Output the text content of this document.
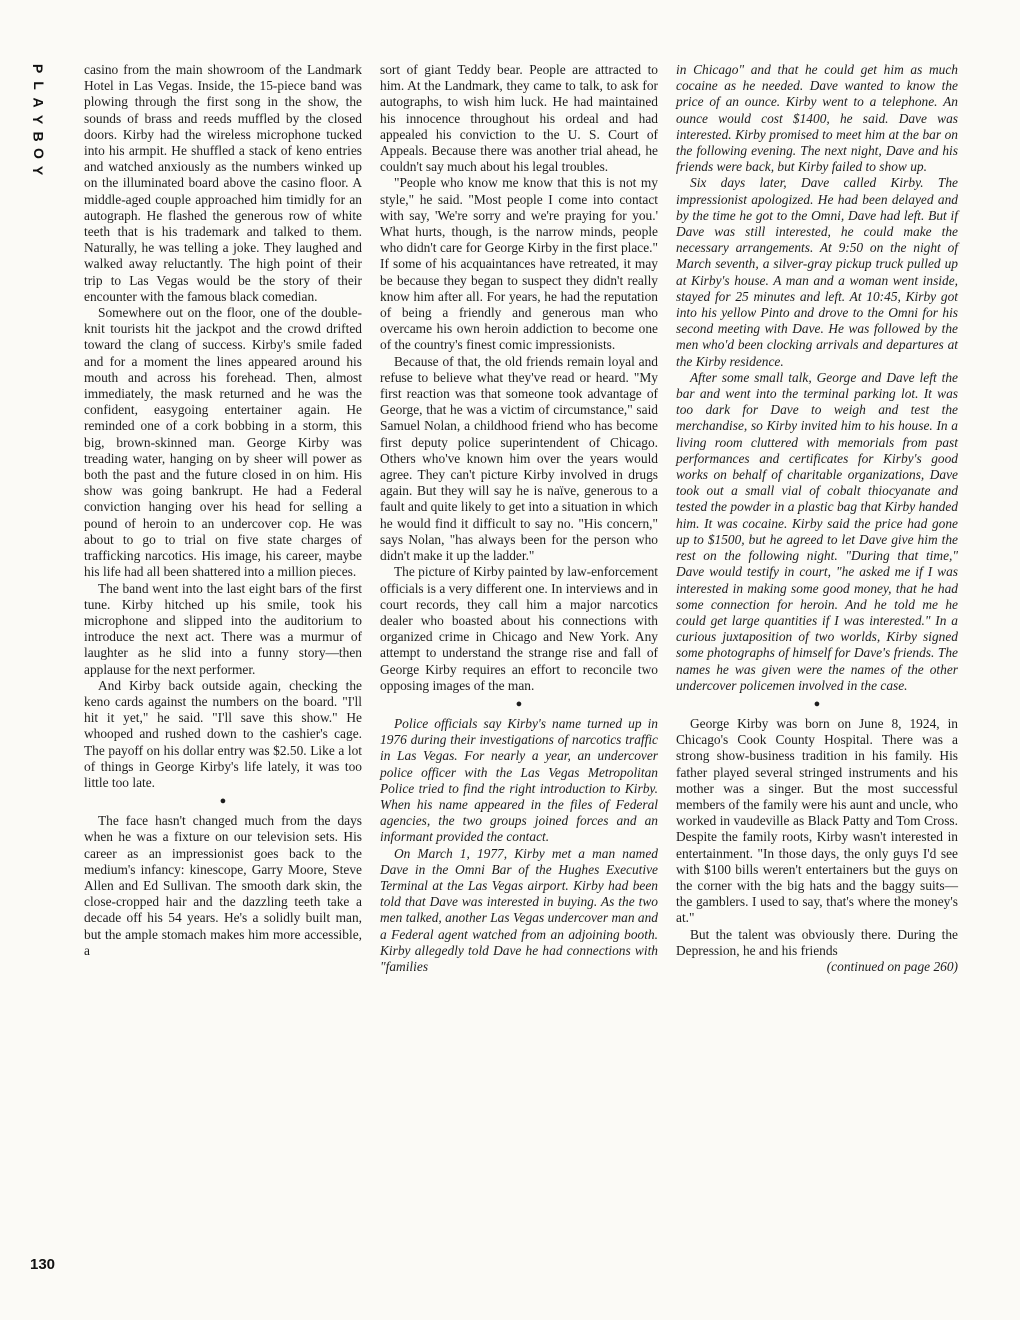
P
L
A
Y
B
O
Y

casino from the main showroom of the Landmark Hotel in Las Vegas. Inside, the 15-piece band was plowing through the first song in the show, the sounds of brass and reeds muffled by the closed doors. Kirby had the wireless microphone tucked into his armpit. He shuffled a stack of keno entries and watched anxiously as the numbers winked up on the illuminated board above the casino floor. A middle-aged couple approached him timidly for an autograph. He flashed the generous row of white teeth that is his trademark and talked to them. Naturally, he was telling a joke. They laughed and walked away reluctantly. The high point of their trip to Las Vegas would be the story of their encounter with the famous black comedian.

Somewhere out on the floor, one of the double-knit tourists hit the jackpot and the crowd drifted toward the clang of success. Kirby's smile faded and for a moment the lines appeared around his mouth and across his forehead. Then, almost immediately, the mask returned and he was the confident, easygoing entertainer again. He reminded one of a cork bobbing in a storm, this big, brown-skinned man. George Kirby was treading water, hanging on by sheer will power as both the past and the future closed in on him. His show was going bankrupt. He had a Federal conviction hanging over his head for selling a pound of heroin to an undercover cop. He was about to go to trial on five state charges of trafficking narcotics. His image, his career, maybe his life had all been shattered into a million pieces.

The band went into the last eight bars of the first tune. Kirby hitched up his smile, took his microphone and slipped into the auditorium to introduce the next act. There was a murmur of laughter as he slid into a funny story—then applause for the next performer.

And Kirby back outside again, checking the keno cards against the numbers on the board. "I'll hit it yet," he said. "I'll save this show." He whooped and rushed down to the cashier's cage. The payoff on his dollar entry was $2.50. Like a lot of things in George Kirby's life lately, it was too little too late.

●

The face hasn't changed much from the days when he was a fixture on our television sets. His career as an impressionist goes back to the medium's infancy: kinescope, Garry Moore, Steve Allen and Ed Sullivan. The smooth dark skin, the close-cropped hair and the dazzling teeth take a decade off his 54 years. He's a solidly built man, but the ample stomach makes him more accessible, a

sort of giant Teddy bear. People are attracted to him. At the Landmark, they came to talk, to ask for autographs, to wish him luck. He had maintained his innocence throughout his ordeal and had appealed his conviction to the U. S. Court of Appeals. Because there was another trial ahead, he couldn't say much about his legal troubles.

"People who know me know that this is not my style," he said. "Most people I come into contact with say, 'We're sorry and we're praying for you.' What hurts, though, is the narrow minds, people who didn't care for George Kirby in the first place." If some of his acquaintances have retreated, it may be because they began to suspect they didn't really know him after all. For years, he had the reputation of being a friendly and generous man who overcame his own heroin addiction to become one of the country's finest comic impressionists.

Because of that, the old friends remain loyal and refuse to believe what they've read or heard. "My first reaction was that someone took advantage of George, that he was a victim of circumstance," said Samuel Nolan, a childhood friend who has become first deputy police superintendent of Chicago. Others who've known him over the years would agree. They can't picture Kirby involved in drugs again. But they will say he is naïve, generous to a fault and quite likely to get into a situation in which he would find it difficult to say no. "His concern," says Nolan, "has always been for the person who didn't make it up the ladder."

The picture of Kirby painted by law-enforcement officials is a very different one. In interviews and in court records, they call him a major narcotics dealer who boasted about his connections with organized crime in Chicago and New York. Any attempt to understand the strange rise and fall of George Kirby requires an effort to reconcile two opposing images of the man.

●

Police officials say Kirby's name turned up in 1976 during their investigations of narcotics traffic in Las Vegas. For nearly a year, an undercover police officer with the Las Vegas Metropolitan Police tried to find the right introduction to Kirby. When his name appeared in the files of Federal agencies, the two groups joined forces and an informant provided the contact.

On March 1, 1977, Kirby met a man named Dave in the Omni Bar of the Hughes Executive Terminal at the Las Vegas airport. Kirby had been told that Dave was interested in buying. As the two men talked, another Las Vegas undercover man and a Federal agent watched from an adjoining booth. Kirby allegedly told Dave he had connections with "families

in Chicago" and that he could get him as much cocaine as he needed. Dave wanted to know the price of an ounce. Kirby went to a telephone. An ounce would cost $1400, he said. Dave was interested. Kirby promised to meet him at the bar on the following evening. The next night, Dave and his friends were back, but Kirby failed to show up.

Six days later, Dave called Kirby. The impressionist apologized. He had been delayed and by the time he got to the Omni, Dave had left. But if Dave was still interested, he could make the necessary arrangements. At 9:50 on the night of March seventh, a silver-gray pickup truck pulled up at Kirby's house. A man and a woman went inside, stayed for 25 minutes and left. At 10:45, Kirby got into his yellow Pinto and drove to the Omni for his second meeting with Dave. He was followed by the men who'd been clocking arrivals and departures at the Kirby residence.

After some small talk, George and Dave left the bar and went into the terminal parking lot. It was too dark for Dave to weigh and test the merchandise, so Kirby invited him to his house. In a living room cluttered with memorials from past performances and certificates for Kirby's good works on behalf of charitable organizations, Dave took out a small vial of cobalt thiocyanate and tested the powder in a plastic bag that Kirby handed him. It was cocaine. Kirby said the price had gone up to $1500, but he agreed to let Dave give him the rest on the following night. "During that time," Dave would testify in court, "he asked me if I was interested in making some good money, that he had some connection for heroin. And he told me he could get large quantities if I was interested." In a curious juxtaposition of two worlds, Kirby signed some photographs of himself for Dave's friends. The names he was given were the names of the other undercover policemen involved in the case.

●

George Kirby was born on June 8, 1924, in Chicago's Cook County Hospital. There was a strong show-business tradition in his family. His father played several stringed instruments and his mother was a singer. But the most successful members of the family were his aunt and uncle, who worked in vaudeville as Black Patty and Tom Cross. Despite the family roots, Kirby wasn't interested in entertainment. "In those days, the only guys I'd see with $100 bills weren't entertainers but the guys on the corner with the big hats and the baggy suits—the gamblers. I used to say, that's where the money's at."

But the talent was obviously there. During the Depression, he and his friends

(continued on page 260)

130
